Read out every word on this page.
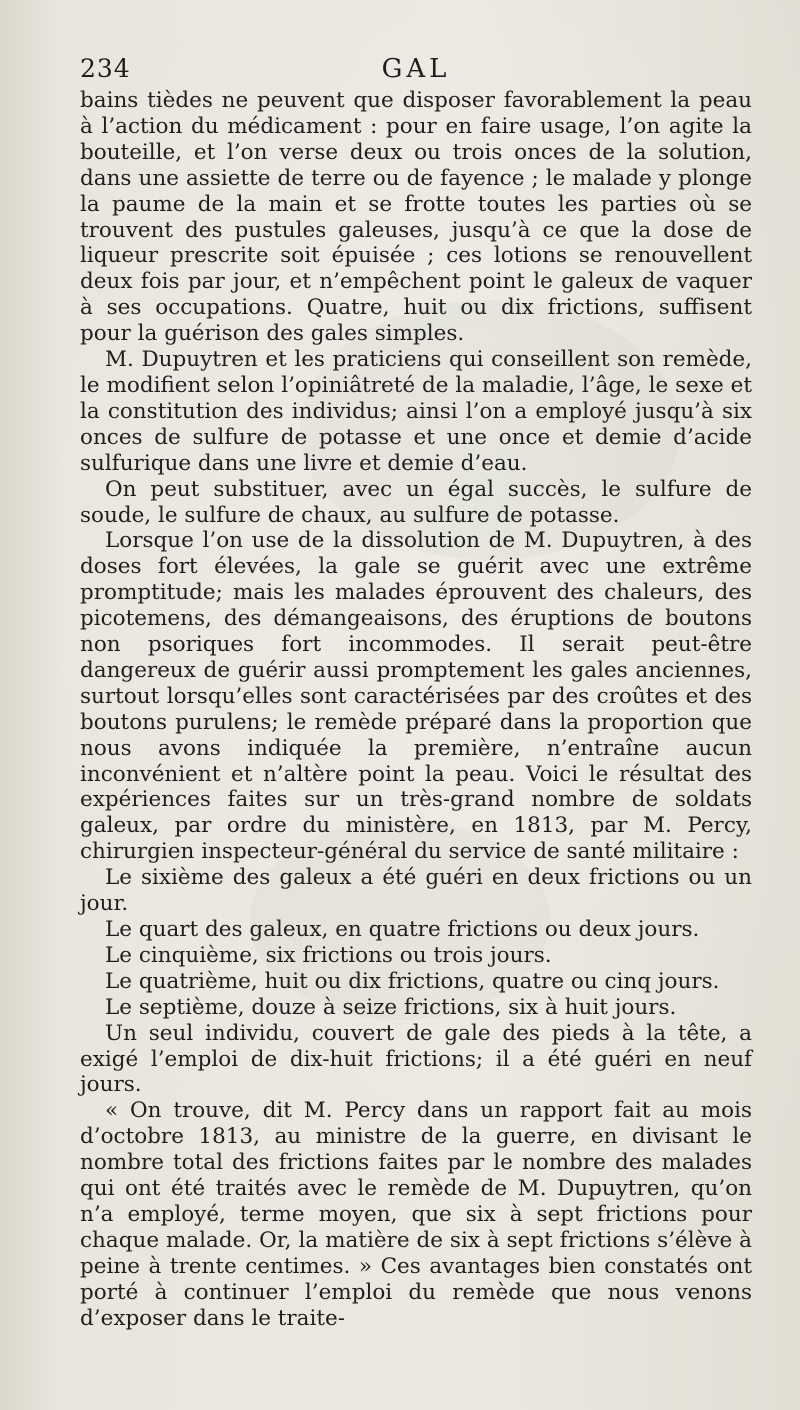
234	GAL

bains tièdes ne peuvent que disposer favorablement la peau à l’action du médicament : pour en faire usage, l’on agite la bouteille, et l’on verse deux ou trois onces de la solution, dans une assiette de terre ou de fayence ; le malade y plonge la paume de la main et se frotte toutes les parties où se trouvent des pustules galeuses, jusqu’à ce que la dose de liqueur prescrite soit épuisée ; ces lotions se renouvellent deux fois par jour, et n’empêchent point le galeux de vaquer à ses occupations. Quatre, huit ou dix frictions, suffisent pour la guérison des gales simples.

M. Dupuytren et les praticiens qui conseillent son remède, le modifient selon l’opiniâtreté de la maladie, l’âge, le sexe et la constitution des individus; ainsi l’on a employé jusqu’à six onces de sulfure de potasse et une once et demie d’acide sulfurique dans une livre et demie d’eau.

On peut substituer, avec un égal succès, le sulfure de soude, le sulfure de chaux, au sulfure de potasse.

Lorsque l’on use de la dissolution de M. Dupuytren, à des doses fort élevées, la gale se guérit avec une extrême promptitude; mais les malades éprouvent des chaleurs, des picotemens, des démangeaisons, des éruptions de boutons non psoriques fort incommodes. Il serait peut-être dangereux de guérir aussi promptement les gales anciennes, surtout lorsqu’elles sont caractérisées par des croûtes et des boutons purulens; le remède préparé dans la proportion que nous avons indiquée la première, n’entraîne aucun inconvénient et n’altère point la peau. Voici le résultat des expériences faites sur un très-grand nombre de soldats galeux, par ordre du ministère, en 1813, par M. Percy, chirurgien inspecteur-général du service de santé militaire :

Le sixième des galeux a été guéri en deux frictions ou un jour.

Le quart des galeux, en quatre frictions ou deux jours.

Le cinquième, six frictions ou trois jours.

Le quatrième, huit ou dix frictions, quatre ou cinq jours.

Le septième, douze à seize frictions, six à huit jours.

Un seul individu, couvert de gale des pieds à la tête, a exigé l’emploi de dix-huit frictions; il a été guéri en neuf jours.

« On trouve, dit M. Percy dans un rapport fait au mois d’octobre 1813, au ministre de la guerre, en divisant le nombre total des frictions faites par le nombre des malades qui ont été traités avec le remède de M. Dupuytren, qu’on n’a employé, terme moyen, que six à sept frictions pour chaque malade. Or, la matière de six à sept frictions s’élève à peine à trente centimes. » Ces avantages bien constatés ont porté à continuer l’emploi du remède que nous venons d’exposer dans le traite-
